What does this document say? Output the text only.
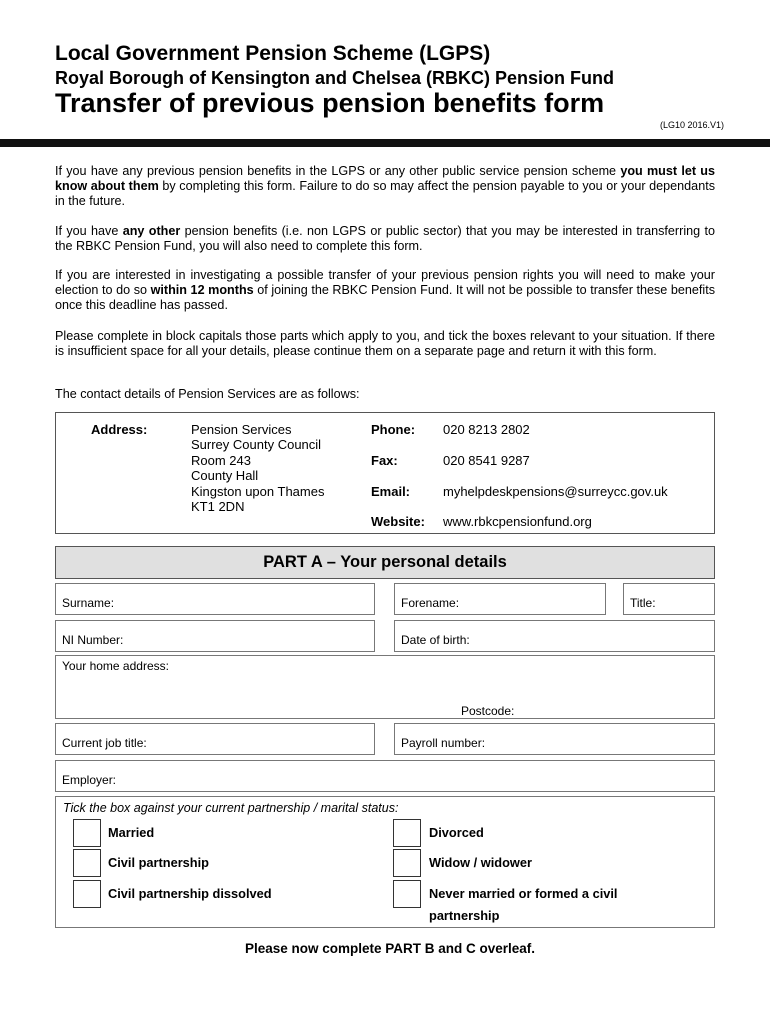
Local Government Pension Scheme (LGPS)
Royal Borough of Kensington and Chelsea (RBKC) Pension Fund
Transfer of previous pension benefits form
(LG10 2016.V1)
If you have any previous pension benefits in the LGPS or any other public service pension scheme you must let us know about them by completing this form. Failure to do so may affect the pension payable to you or your dependants in the future.
If you have any other pension benefits (i.e. non LGPS or public sector) that you may be interested in transferring to the RBKC Pension Fund, you will also need to complete this form.
If you are interested in investigating a possible transfer of your previous pension rights you will need to make your election to do so within 12 months of joining the RBKC Pension Fund. It will not be possible to transfer these benefits once this deadline has passed.
Please complete in block capitals those parts which apply to you, and tick the boxes relevant to your situation. If there is insufficient space for all your details, please continue them on a separate page and return it with this form.
The contact details of Pension Services are as follows:
Address:	Pension Services
Surrey County Council
Room 243
County Hall
Kingston upon Thames
KT1 2DN
Phone: 020 8213 2802
Fax:	020 8541 9287
Email:	myhelpdeskpensions@surreycc.gov.uk
Website: www.rbkcpensionfund.org
PART A – Your personal details
Surname:	Forename:	Title:
NI Number:	Date of birth:
Your home address:
Postcode:
Current job title:	Payroll number:
Employer:
Tick the box against your current partnership / marital status:
Married	Divorced
Civil partnership	Widow / widower
Civil partnership dissolved	Never married or formed a civil partnership
Please now complete PART B and C overleaf.
